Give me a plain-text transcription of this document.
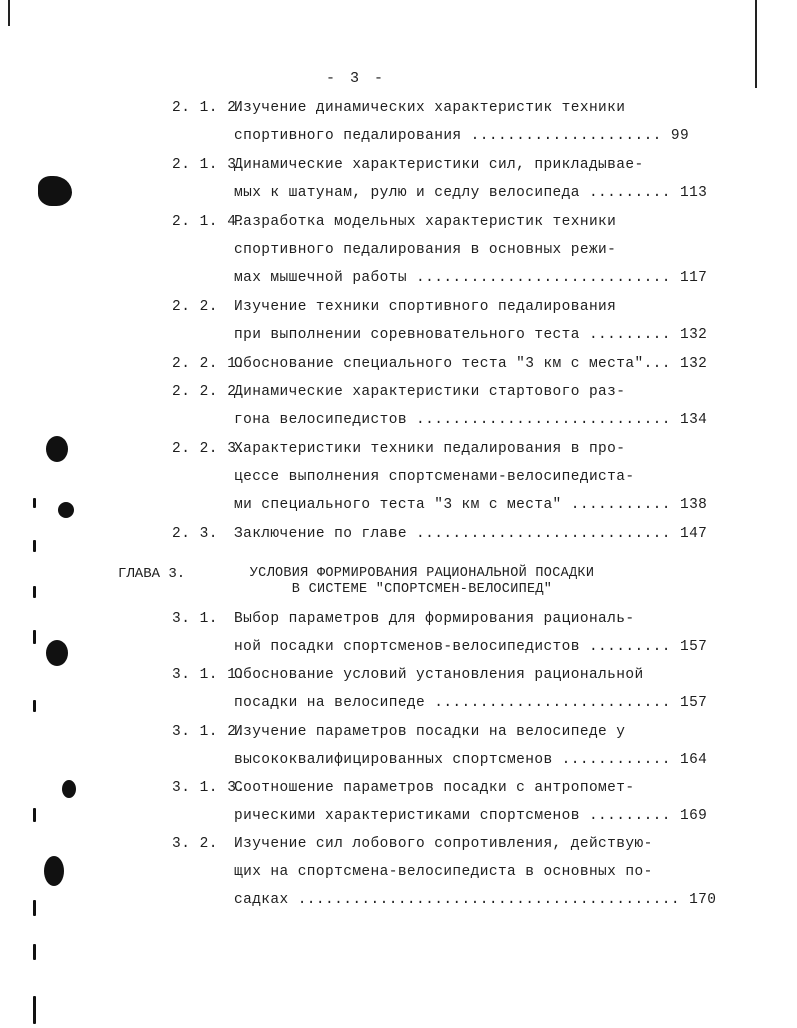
- 3 -
2. 1. 2.
Изучение динамических характеристик техники
спортивного педалирования ..................... 99
2. 1. 3.
Динамические характеристики сил, прикладывае-
мых к шатунам, рулю и седлу велосипеда ......... 113
2. 1. 4.
Разработка модельных характеристик техники
спортивного педалирования в основных режи-
мах мышечной работы ............................ 117
2. 2. Изучение техники спортивного педалирования
при выполнении соревновательного теста ......... 132
2. 2. 1.
Обоснование специального теста "3 км с места"... 132
2. 2. 2.
Динамические характеристики стартового раз-
гона велосипедистов ............................ 134
2. 2. 3.
Характеристики техники педалирования в про-
цессе выполнения спортсменами-велосипедиста-
ми специального теста "3 км с места" ........... 138
2. 3. Заключение по главе ............................ 147
ГЛАВА 3.	УСЛОВИЯ ФОРМИРОВАНИЯ РАЦИОНАЛЬНОЙ ПОСАДКИ
В СИСТЕМЕ "СПОРТСМЕН-ВЕЛОСИПЕД"
3. 1. Выбор параметров для формирования рациональ-
ной посадки спортсменов-велосипедистов ......... 157
3. 1. 1.
Обоснование условий установления рациональной
посадки на велосипеде .......................... 157
3. 1. 2.
Изучение параметров посадки на велосипеде у
высококвалифицированных спортсменов ............ 164
3. 1. 3.
Соотношение параметров посадки с антропомет-
рическими характеристиками спортсменов ......... 169
3. 2. Изучение сил лобового сопротивления, действую-
щих на спортсмена-велосипедиста в основных по-
садках .......................................... 170
